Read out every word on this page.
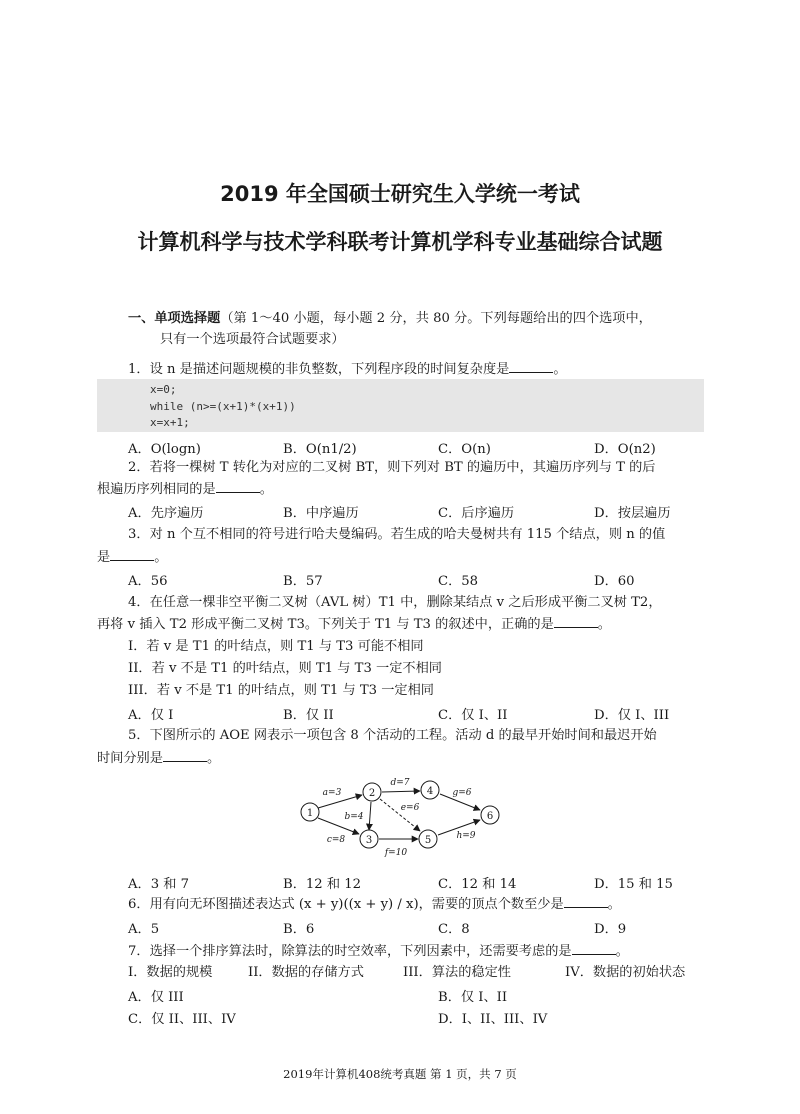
2019 年全国硕士研究生入学统一考试
计算机科学与技术学科联考计算机学科专业基础综合试题
一、单项选择题（第 1～40 小题，每小题 2 分，共 80 分。下列每题给出的四个选项中，
只有一个选项最符合试题要求）
1．设 n 是描述问题规模的非负整数，下列程序段的时间复杂度是	。
x=0;
while (n>=(x+1)*(x+1))
x=x+1;
A．O(logn)	B．O(n1/2)	C．O(n)	D．O(n2)
2．若将一棵树 T 转化为对应的二叉树 BT，则下列对 BT 的遍历中，其遍历序列与 T 的后
根遍历序列相同的是	。
A．先序遍历	B．中序遍历	C．后序遍历	D．按层遍历
3．对 n 个互不相同的符号进行哈夫曼编码。若生成的哈夫曼树共有 115 个结点，则 n 的值
是	。
A．56	B．57	C．58	D．60
4．在任意一棵非空平衡二叉树（AVL 树）T1 中，删除某结点 v 之后形成平衡二叉树 T2，
再将 v 插入 T2 形成平衡二叉树 T3。下列关于 T1 与 T3 的叙述中，正确的是	。
I．若 v 是 T1 的叶结点，则 T1 与 T3 可能不相同
II．若 v 不是 T1 的叶结点，则 T1 与 T3 一定不相同
III．若 v 不是 T1 的叶结点，则 T1 与 T3 一定相同
A．仅 I	B．仅 II	C．仅 I、II	D．仅 I、III
5．下图所示的 AOE 网表示一项包含 8 个活动的工程。活动 d 的最早开始时间和最迟开始
时间分别是	。
1
2
3
4
5
6
a=3
d=7
g=6
e=6
b=4
c=8	h=9
f=10
A．3 和 7	B．12 和 12	C．12 和 14	D．15 和 15
6．用有向无环图描述表达式 (x + y)((x + y) / x)，需要的顶点个数至少是	。
A．5	B．6	C．8	D．9
7．选择一个排序算法时，除算法的时空效率，下列因素中，还需要考虑的是	。
I．数据的规模	II．数据的存储方式	III．算法的稳定性	IV．数据的初始状态
A．仅 III	B．仅 I、II
C．仅 II、III、IV	D．I、II、III、IV
2019年计算机408统考真题 第 1 页，共 7 页
